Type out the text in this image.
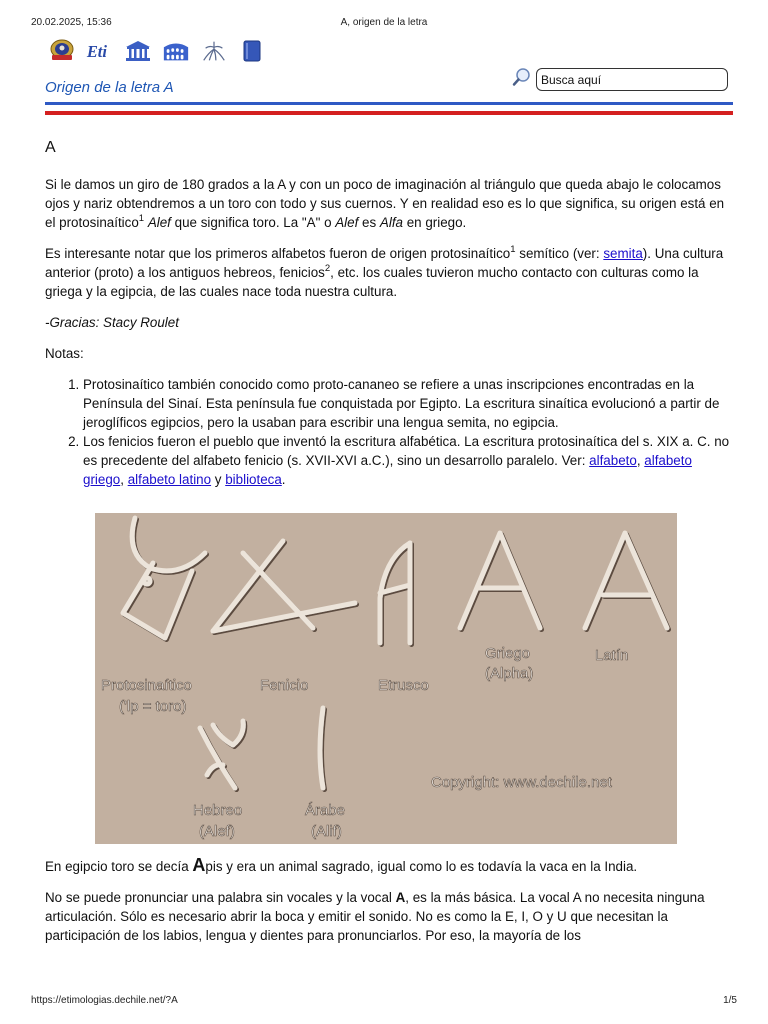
20.02.2025, 15:36	A, origen de la letra
Eti
Origen de la letra A
Busca aquí
A

Si le damos un giro de 180 grados a la A y con un poco de imaginación al triángulo que queda abajo le colocamos ojos y nariz obtendremos a un toro con todo y sus cuernos. Y en realidad eso es lo que significa, su origen está en el protosinaítico$^1$ Alef que significa toro. La "A" o Alef es Alfa en griego.

Es interesante notar que los primeros alfabetos fueron de origen protosinaítico$^1$ semítico (ver: semita). Una cultura anterior (proto) a los antiguos hebreos, fenicios$^2$, etc. los cuales tuvieron mucho contacto con culturas como la griega y la egipcia, de las cuales nace toda nuestra cultura.

-Gracias: Stacy Roulet

Notas:

1. Protosinaítico también conocido como proto-cananeo se refiere a unas inscripciones encontradas en la Península del Sinaí. Esta península fue conquistada por Egipto. La escritura sinaítica evolucionó a partir de jeroglíficos egipcios, pero la usaban para escribir una lengua semita, no egipcia.
2. Los fenicios fueron el pueblo que inventó la escritura alfabética. La escritura protosinaítica del s. XIX a. C. no es precedente del alfabeto fenicio (s. XVII-XVI a.C.), sino un desarrollo paralelo. Ver: alfabeto, alfabeto griego, alfabeto latino y biblioteca.
Protosinaítico
('lp = toro)
Fenicio	Etrusco
Griego
(Alpha)
Latín
Hebreo
(Alef)
Árabe
(Alif)
Copyright: www.dechile.net

En egipcio toro se decía Apis y era un animal sagrado, igual como lo es todavía la vaca en la India.

No se puede pronunciar una palabra sin vocales y la vocal A, es la más básica. La vocal A no necesita ninguna articulación. Sólo es necesario abrir la boca y emitir el sonido. No es como la E, I, O y U que necesitan la participación de los labios, lengua y dientes para pronunciarlos. Por eso, la mayoría de los

https://etimologias.dechile.net/?A	1/5
